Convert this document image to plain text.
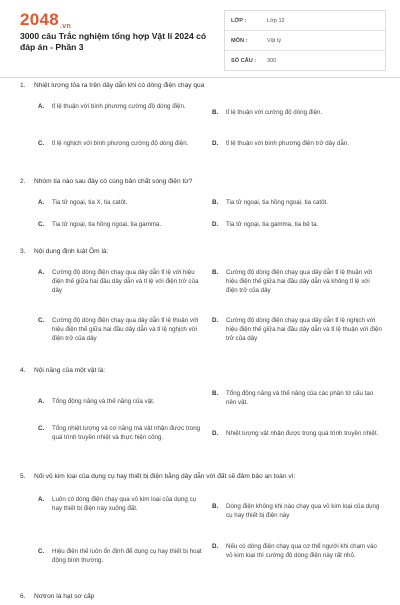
2048.vn
3000 câu Trắc nghiệm tổng hợp Vật lí 2024 có đáp án - Phần 3
LỚP :	Lớp 12
MÔN :	Vật lý
SỐ CÂU :	300
1.	Nhiệt lượng tỏa ra trên dây dẫn khi có dòng điện chạy qua
A.	tỉ lệ thuận với bình phương cường độ dòng điện.
B.	tỉ lệ thuận với cường độ dòng điện.
C.	tỉ lệ nghịch với bình phương cường độ dòng điện.	D.	tỉ lệ thuận với bình phương điện trở dây dẫn.
2.	Nhóm tia nào sau đây có cùng bản chất sóng điện từ?
A.	Tia tử ngoại, tia X, tia catôt.	B.	Tia tử ngoại, tia hồng ngoại, tia catôt.
C.	Tia tử ngoại, tia hồng ngoại, tia gamma.	D.	Tia tử ngoại, tia gamma, tia bê ta.
3.	Nội dung định luật Ôm là:
A.	Cường độ dòng điện chạy qua dây dẫn tỉ lệ với hiệu điện thế giữa hai đầu dây dẫn và tỉ lệ với điện trở của dây
B.	Cường độ dòng điện chạy qua dây dẫn tỉ lệ thuận với hiệu điện thế giữa hai đầu dây dẫn và không tỉ lệ với điện trở của dây
C.	Cường độ dòng điện chạy qua dây dẫn tỉ lệ thuận với hiệu điện thế giữa hai đầu dây dẫn và tỉ lệ nghịch với điện trở của dây
D.	Cường độ dòng điện chạy qua dây dẫn tỉ lệ nghịch với hiệu điện thế giữa hai đầu dây dẫn và tỉ lệ thuận với điện trở của dây
4.	Nội năng của một vật là:
A.	Tổng động năng và thế năng của vật.
B.	Tổng động năng và thế năng của các phân tử cấu tạo nên vật.
C.	Tổng nhiệt lượng và cơ năng mà vật nhận được trong quá trình truyền nhiệt và thực hiện công.
D.	Nhiệt lượng vật nhận được trong quá trình truyền nhiệt.
5.	Nối vỏ kim loại của dụng cụ hay thiết bị điện bằng dây dẫn với đất sẽ đảm bảo an toàn vì:
A.	Luôn có dòng điện chạy qua vỏ kim loại của dụng cụ hay thiết bị điện này xuống đất.	B.	Dòng điện không khi nào chạy qua vỏ kim loại của dụng cụ hay thiết bị điện này
C.	Hiệu điện thế luôn ổn định để dụng cụ hay thiết bị hoạt động bình thường.
D.	Nếu có dòng điện chạy qua cơ thể người khi chạm vào vỏ kim loại thì cường độ dòng điện này rất nhỏ.
6.	Nơtron là hạt sơ cấp
